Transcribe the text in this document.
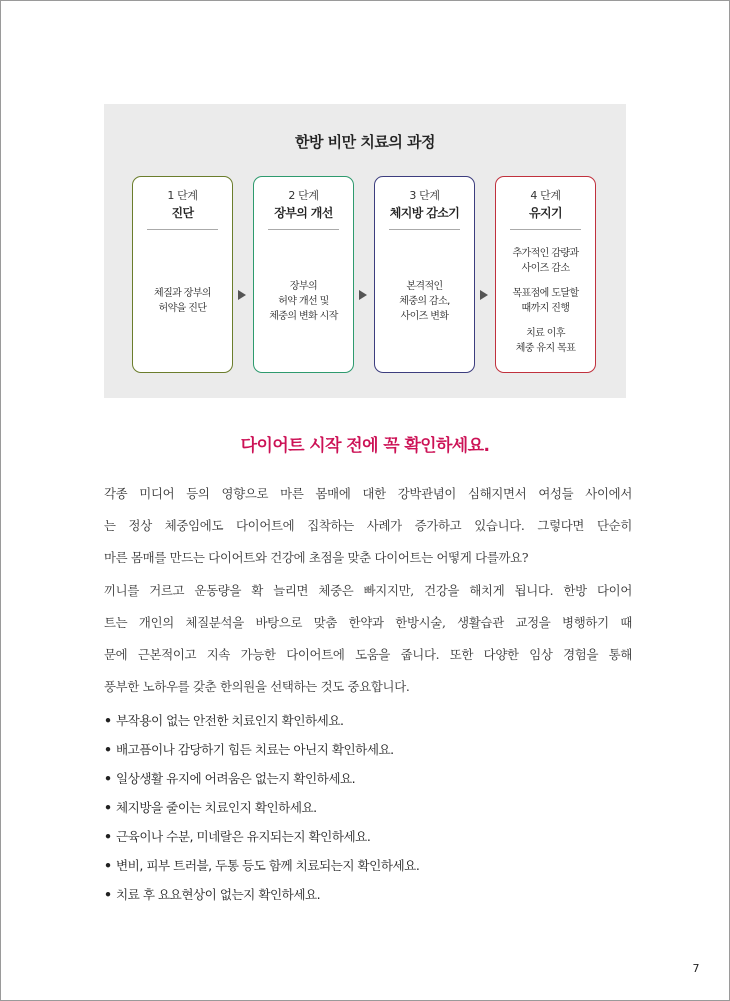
한방 비만 치료의 과정
1 단계
진단
체질과 장부의
허약을 진단
2 단계
장부의 개선
장부의
허약 개선 및
체중의 변화 시작
3 단계
체지방 감소기
본격적인
체중의 감소,
사이즈 변화
4 단계
유지기
추가적인 감량과
사이즈 감소
목표점에 도달할
때까지 진행
치료 이후
체중 유지 목표
다이어트 시작 전에 꼭 확인하세요.
각종 미디어 등의 영향으로 마른 몸매에 대한 강박관념이 심해지면서 여성들 사이에서
는 정상 체중임에도 다이어트에 집착하는 사례가 증가하고 있습니다. 그렇다면 단순히
마른 몸매를 만드는 다이어트와 건강에 초점을 맞춘 다이어트는 어떻게 다를까요?
끼니를 거르고 운동량을 확 늘리면 체중은 빠지지만, 건강을 해치게 됩니다. 한방 다이어
트는 개인의 체질분석을 바탕으로 맞춤 한약과 한방시술, 생활습관 교정을 병행하기 때
문에 근본적이고 지속 가능한 다이어트에 도움을 줍니다. 또한 다양한 임상 경험을 통해
풍부한 노하우를 갖춘 한의원을 선택하는 것도 중요합니다.
• 부작용이 없는 안전한 치료인지 확인하세요.
• 배고픔이나 감당하기 힘든 치료는 아닌지 확인하세요.
• 일상생활 유지에 어려움은 없는지 확인하세요.
• 체지방을 줄이는 치료인지 확인하세요.
• 근육이나 수분, 미네랄은 유지되는지 확인하세요.
• 변비, 피부 트러블, 두통 등도 함께 치료되는지 확인하세요.
• 치료 후 요요현상이 없는지 확인하세요.
7
